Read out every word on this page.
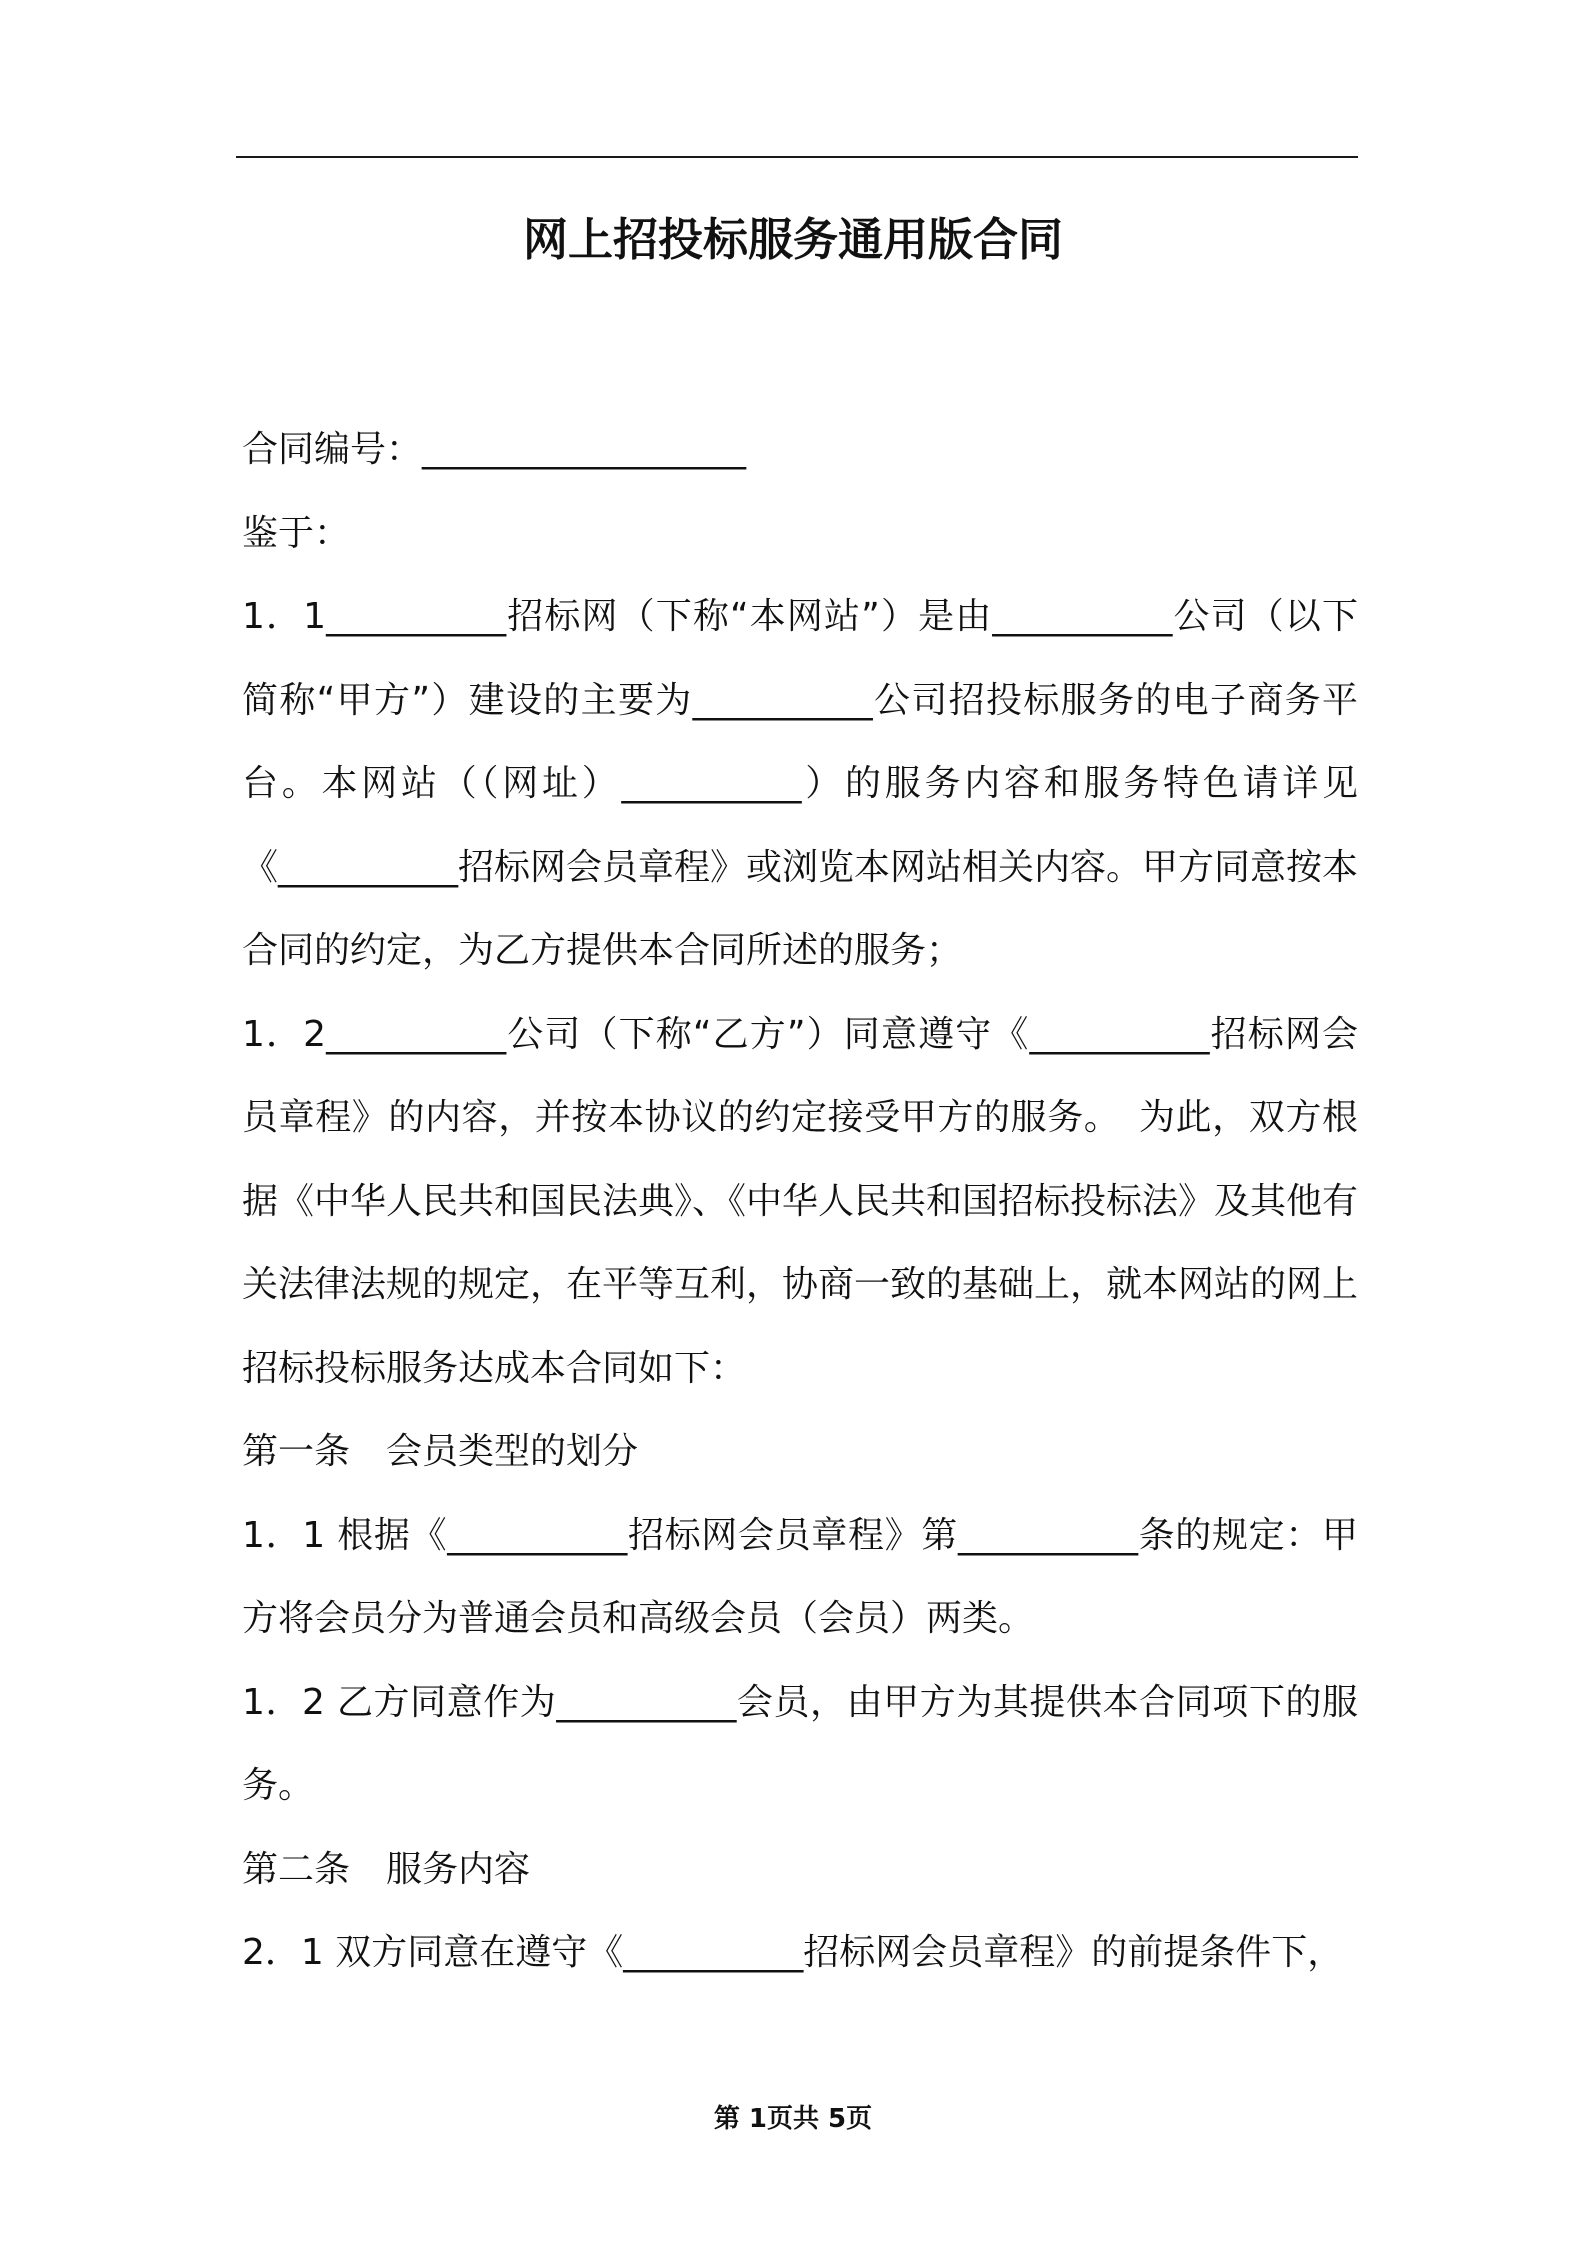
网上招投标服务通用版合同

合同编号：__________________

鉴于：

1．1__________招标网（下称“本网站”）是由__________公司（以下简称“甲方”）建设的主要为__________公司招投标服务的电子商务平台。本网站（（网址）__________）的服务内容和服务特色请详见《__________招标网会员章程》或浏览本网站相关内容。甲方同意按本合同的约定，为乙方提供本合同所述的服务；

1．2__________公司（下称“乙方”）同意遵守《__________招标网会员章程》的内容，并按本协议的约定接受甲方的服务。　为此，双方根据《中华人民共和国民法典》、《中华人民共和国招标投标法》及其他有关法律法规的规定，在平等互利，协商一致的基础上，就本网站的网上招标投标服务达成本合同如下：

第一条　会员类型的划分

1．1 根据《__________招标网会员章程》第__________条的规定：甲方将会员分为普通会员和高级会员（会员）两类。

1．2 乙方同意作为__________会员，由甲方为其提供本合同项下的服务。

第二条　服务内容

2．1 双方同意在遵守《__________招标网会员章程》的前提条件下，

第 1页共 5页
